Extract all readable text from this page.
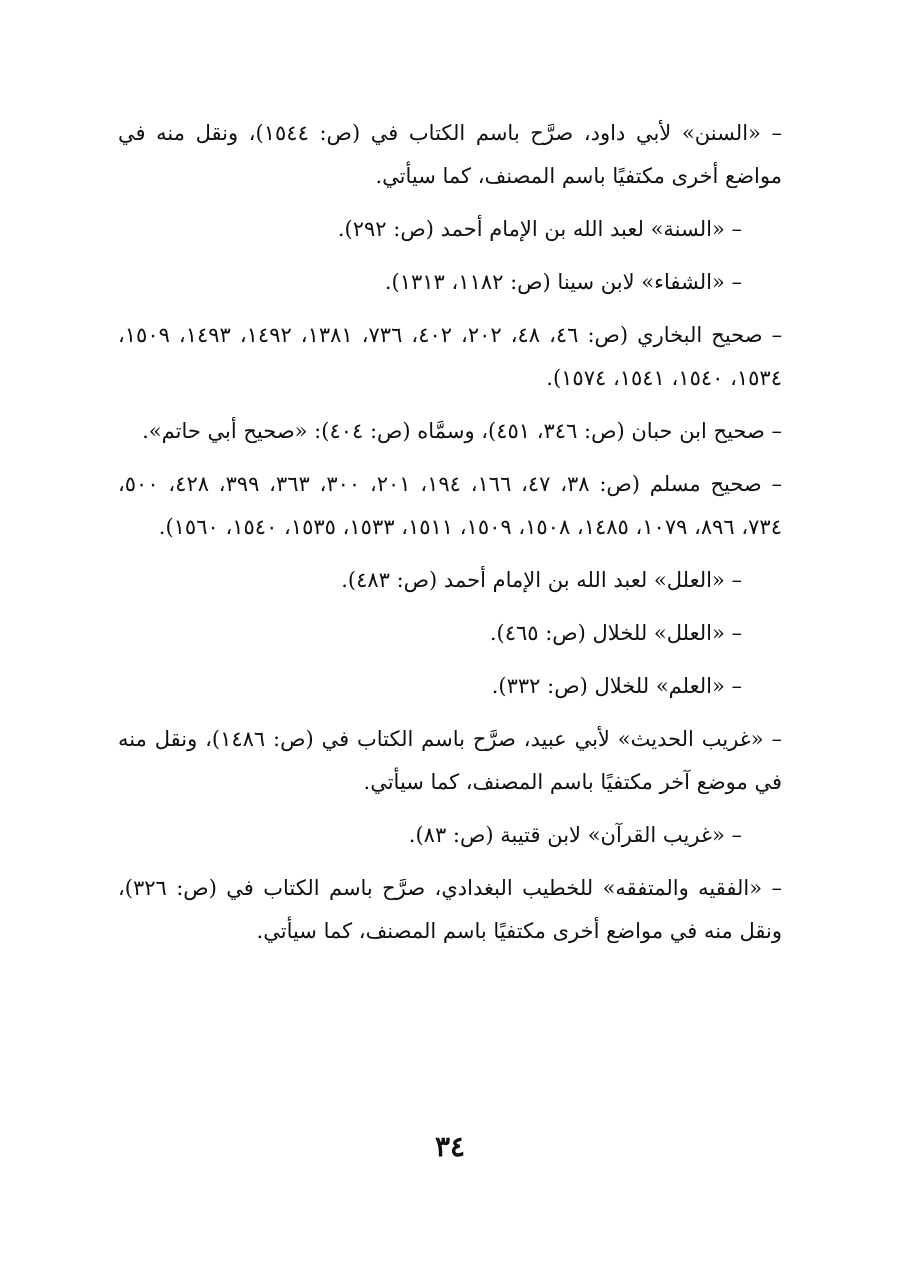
– «السنن» لأبي داود، صرَّح باسم الكتاب في (ص: ١٥٤٤)، ونقل منه في مواضع أخرى مكتفيًا باسم المصنف، كما سيأتي.

– «السنة» لعبد الله بن الإمام أحمد (ص: ٢٩٢).

– «الشفاء» لابن سينا (ص: ١١٨٢، ١٣١٣).

– صحيح البخاري (ص: ٤٦، ٤٨، ٢٠٢، ٤٠٢، ٧٣٦، ١٣٨١، ١٤٩٢، ١٤٩٣، ١٥٠٩، ١٥٣٤، ١٥٤٠، ١٥٤١، ١٥٧٤).

– صحيح ابن حبان (ص: ٣٤٦، ٤٥١)، وسمَّاه (ص: ٤٠٤): «صحيح أبي حاتم».

– صحيح مسلم (ص: ٣٨، ٤٧، ١٦٦، ١٩٤، ٢٠١، ٣٠٠، ٣٦٣، ٣٩٩، ٤٢٨، ٥٠٠، ٧٣٤، ٨٩٦، ١٠٧٩، ١٤٨٥، ١٥٠٨، ١٥٠٩، ١٥١١، ١٥٣٣، ١٥٣٥، ١٥٤٠، ١٥٦٠).

– «العلل» لعبد الله بن الإمام أحمد (ص: ٤٨٣).

– «العلل» للخلال (ص: ٤٦٥).

– «العلم» للخلال (ص: ٣٣٢).

– «غريب الحديث» لأبي عبيد، صرَّح باسم الكتاب في (ص: ١٤٨٦)، ونقل منه في موضع آخر مكتفيًا باسم المصنف، كما سيأتي.

– «غريب القرآن» لابن قتيبة (ص: ٨٣).

– «الفقيه والمتفقه» للخطيب البغدادي، صرَّح باسم الكتاب في (ص: ٣٢٦)، ونقل منه في مواضع أخرى مكتفيًا باسم المصنف، كما سيأتي.

٣٤
